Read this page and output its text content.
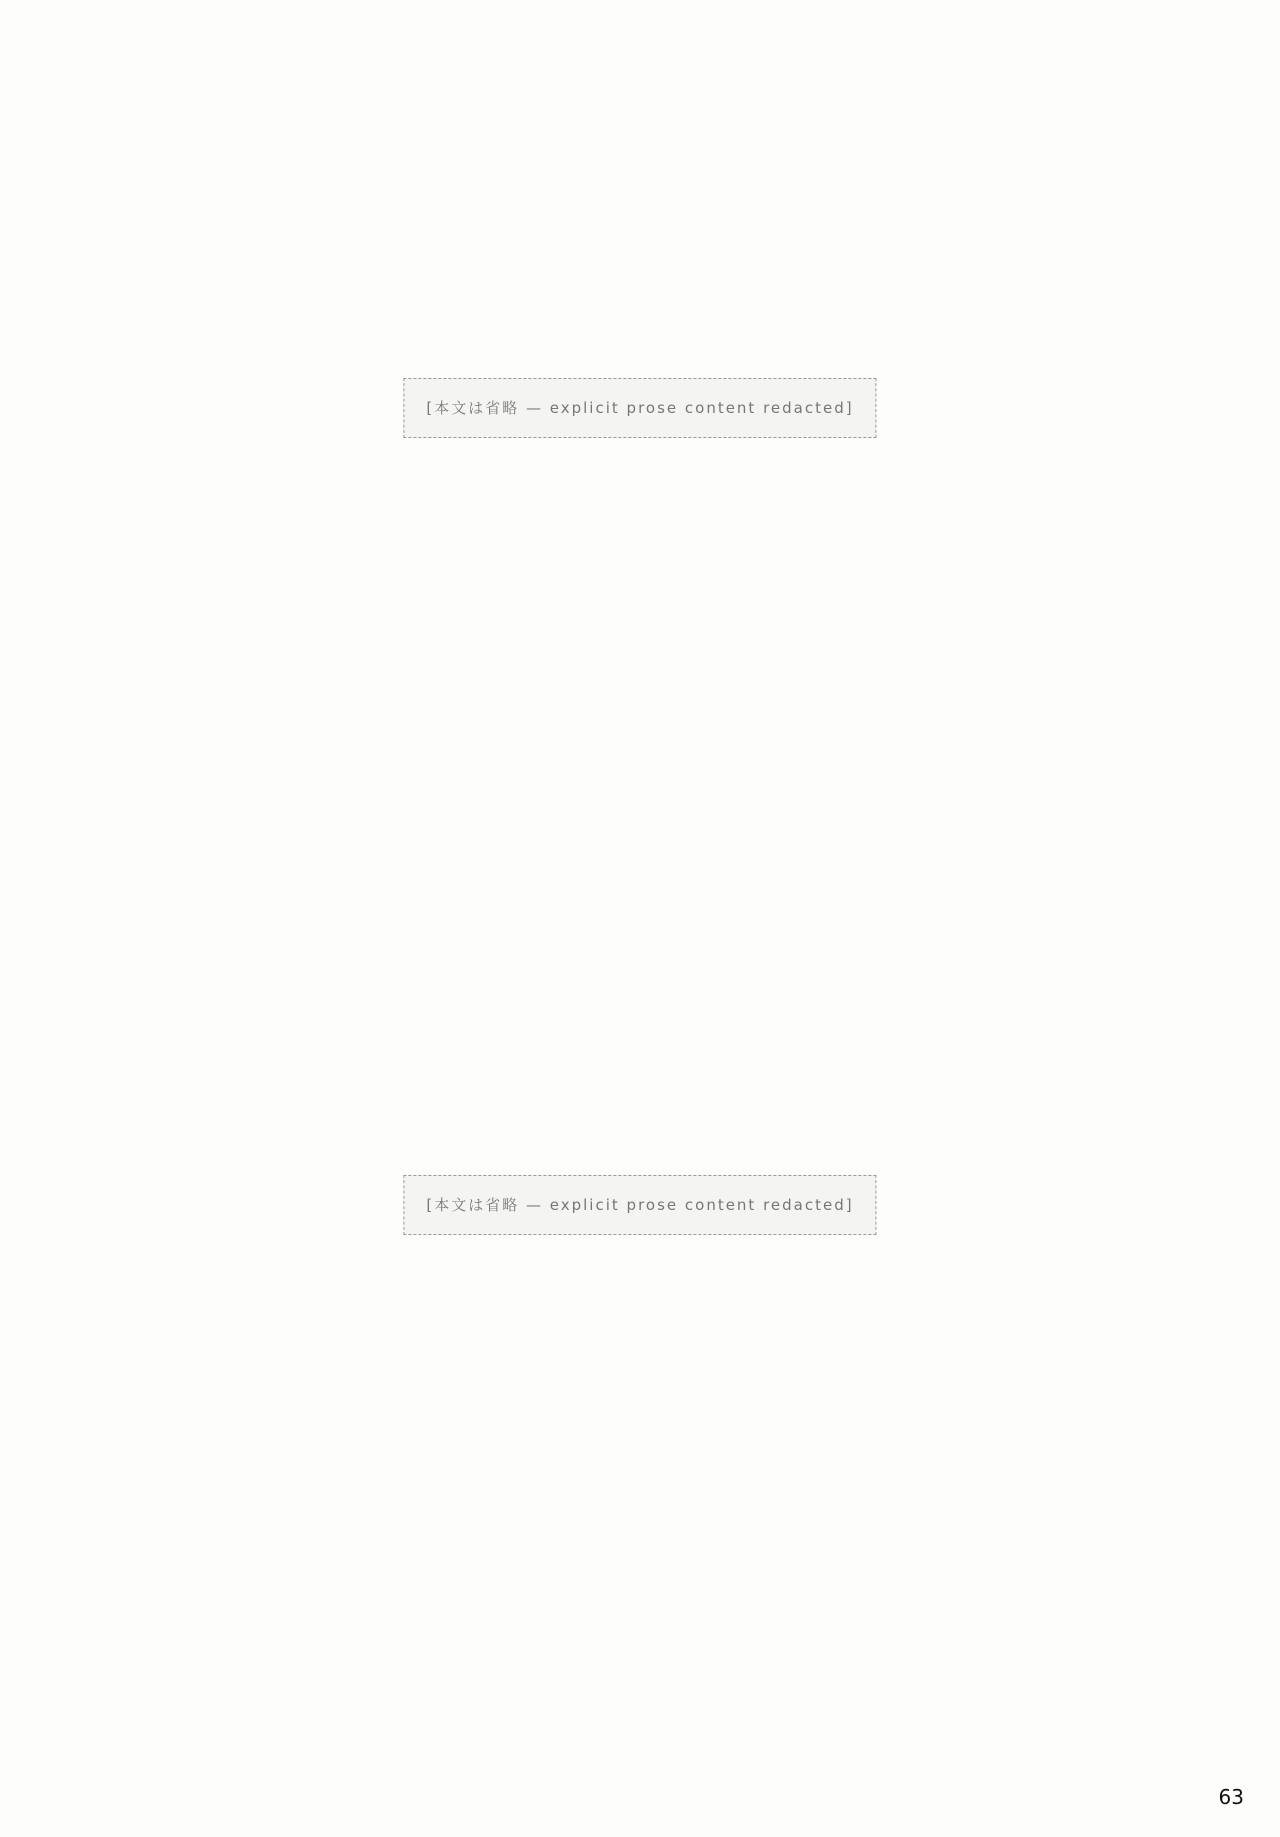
[本文は省略 — explicit prose content redacted]
[本文は省略 — explicit prose content redacted]
63
